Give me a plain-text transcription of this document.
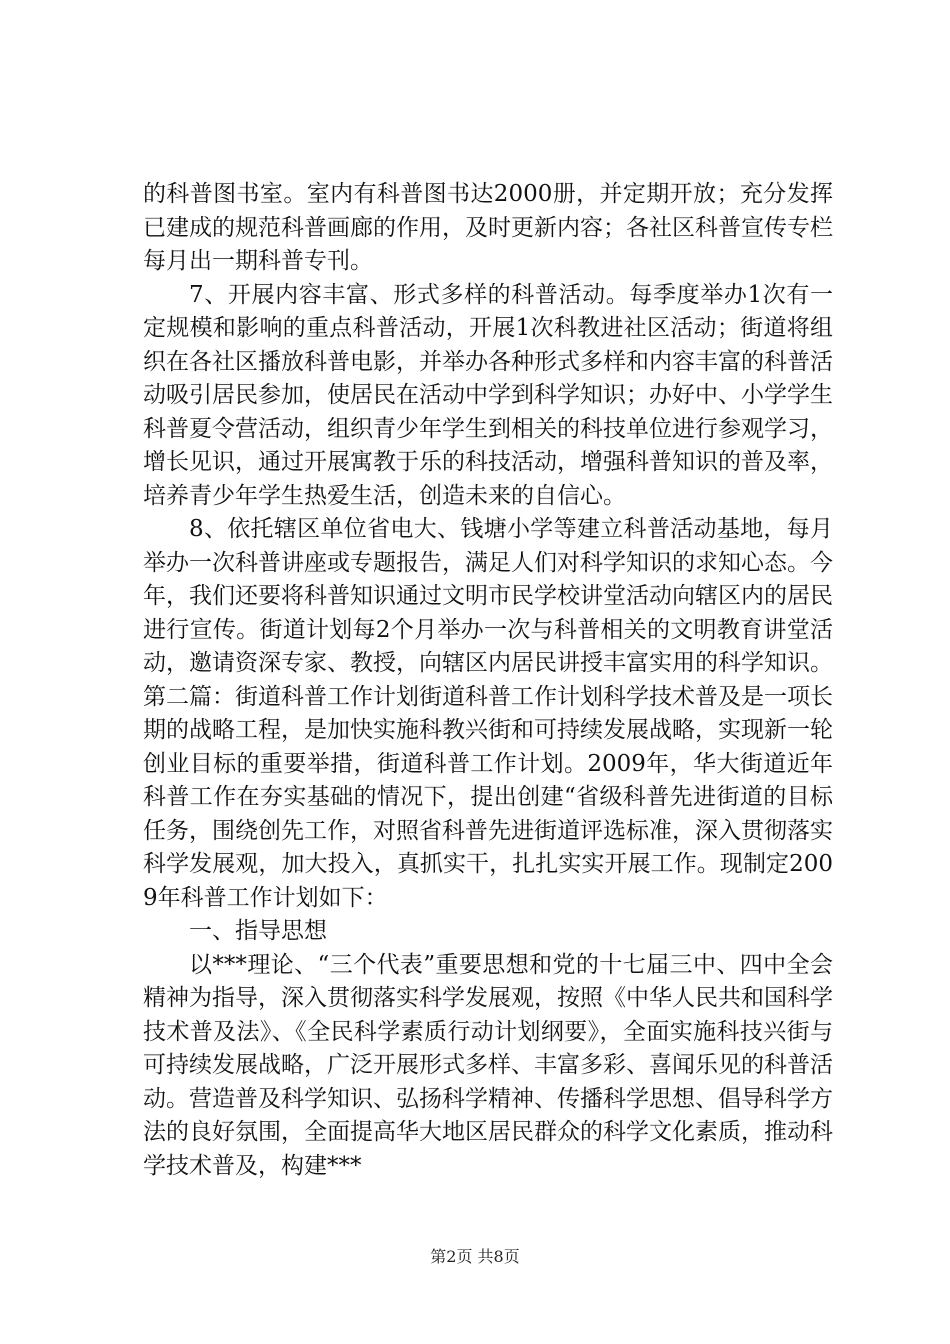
的科普图书室。室内有科普图书达2000册，并定期开放；充分发挥已建成的规范科普画廊的作用，及时更新内容；各社区科普宣传专栏每月出一期科普专刊。

7、开展内容丰富、形式多样的科普活动。每季度举办1次有一定规模和影响的重点科普活动，开展1次科教进社区活动；街道将组织在各社区播放科普电影，并举办各种形式多样和内容丰富的科普活动吸引居民参加，使居民在活动中学到科学知识；办好中、小学学生科普夏令营活动，组织青少年学生到相关的科技单位进行参观学习，增长见识，通过开展寓教于乐的科技活动，增强科普知识的普及率，培养青少年学生热爱生活，创造未来的自信心。

8、依托辖区单位省电大、钱塘小学等建立科普活动基地，每月举办一次科普讲座或专题报告，满足人们对科学知识的求知心态。今年，我们还要将科普知识通过文明市民学校讲堂活动向辖区内的居民进行宣传。街道计划每2个月举办一次与科普相关的文明教育讲堂活动，邀请资深专家、教授，向辖区内居民讲授丰富实用的科学知识。第二篇：街道科普工作计划街道科普工作计划科学技术普及是一项长期的战略工程，是加快实施科教兴街和可持续发展战略，实现新一轮创业目标的重要举措，街道科普工作计划。2009年，华大街道近年科普工作在夯实基础的情况下，提出创建“省级科普先进街道的目标任务，围绕创先工作，对照省科普先进街道评选标准，深入贯彻落实科学发展观，加大投入，真抓实干，扎扎实实开展工作。现制定2009年科普工作计划如下：

一、指导思想

以***理论、“三个代表”重要思想和党的十七届三中、四中全会精神为指导，深入贯彻落实科学发展观，按照《中华人民共和国科学技术普及法》、《全民科学素质行动计划纲要》，全面实施科技兴街与可持续发展战略，广泛开展形式多样、丰富多彩、喜闻乐见的科普活动。营造普及科学知识、弘扬科学精神、传播科学思想、倡导科学方法的良好氛围，全面提高华大地区居民群众的科学文化素质，推动科学技术普及，构建***

第2页 共8页
